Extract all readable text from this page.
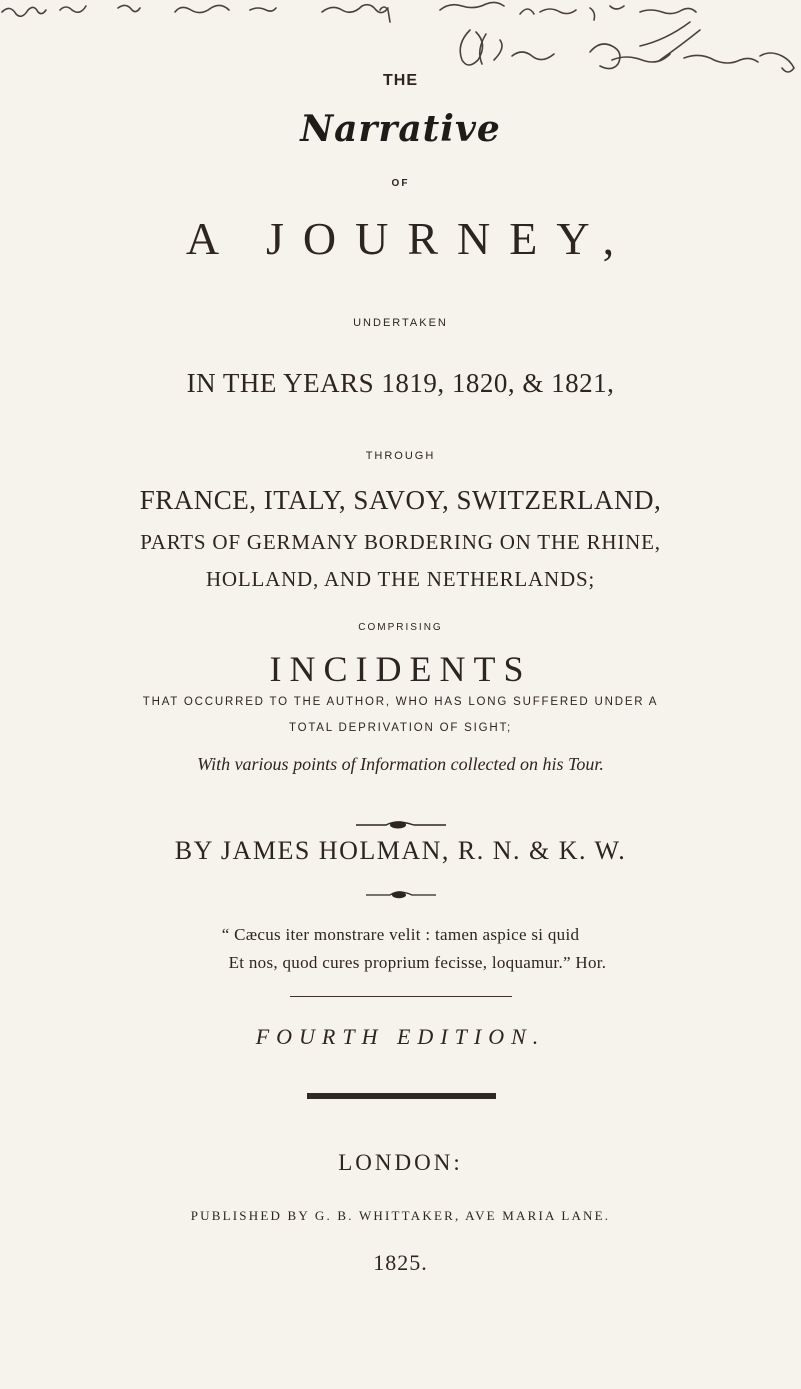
THE
Narrative
OF
A JOURNEY,
UNDERTAKEN
IN THE YEARS 1819, 1820, & 1821,
THROUGH
FRANCE, ITALY, SAVOY, SWITZERLAND,
PARTS OF GERMANY BORDERING ON THE RHINE,
HOLLAND, AND THE NETHERLANDS;
COMPRISING
INCIDENTS
THAT OCCURRED TO THE AUTHOR, WHO HAS LONG SUFFERED UNDER A
TOTAL DEPRIVATION OF SIGHT;
With various points of Information collected on his Tour.
BY JAMES HOLMAN, R. N. & K. W.
“ Cæcus iter monstrare velit : tamen aspice si quid
Et nos, quod cures proprium fecisse, loquamur.” Hor.
FOURTH EDITION.
LONDON:
PUBLISHED BY G. B. WHITTAKER, AVE MARIA LANE.
1825.
